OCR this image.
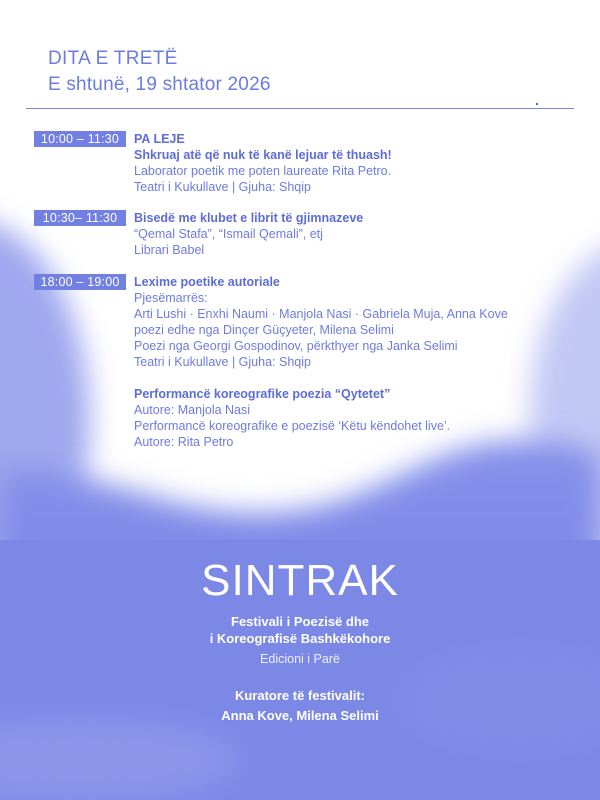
DITA E TRETË
E shtunë, 19 shtator 2026
10:00 – 11:30	PA LEJE
Shkruaj atë që nuk të kanë lejuar të thuash!
Laborator poetik me poten laureate Rita Petro.
Teatri i Kukullave | Gjuha: Shqip
10:30– 11:30	Bisedë me klubet e librit të gjimnazeve
“Qemal Stafa”, “Ismail Qemali”, etj
Librari Babel
18:00 – 19:00	Lexime poetike autoriale
Pjesëmarrës:
Arti Lushi · Enxhi Naumi · Manjola Nasi · Gabriela Muja, Anna Kove
poezi edhe nga Dinçer Güçyeter, Milena Selimi
Poezi nga Georgi Gospodinov, përkthyer nga Janka Selimi
Teatri i Kukullave | Gjuha: Shqip
Performancë koreografike poezia “Qytetet”
Autore: Manjola Nasi
Performancë koreografike e poezisë ‘Këtu këndohet live’.
Autore: Rita Petro
SINTRAK
Festivali i Poezisë dhe
i Koreografisë Bashkëkohore
Edicioni i Parë
Kuratore të festivalit:
Anna Kove, Milena Selimi
